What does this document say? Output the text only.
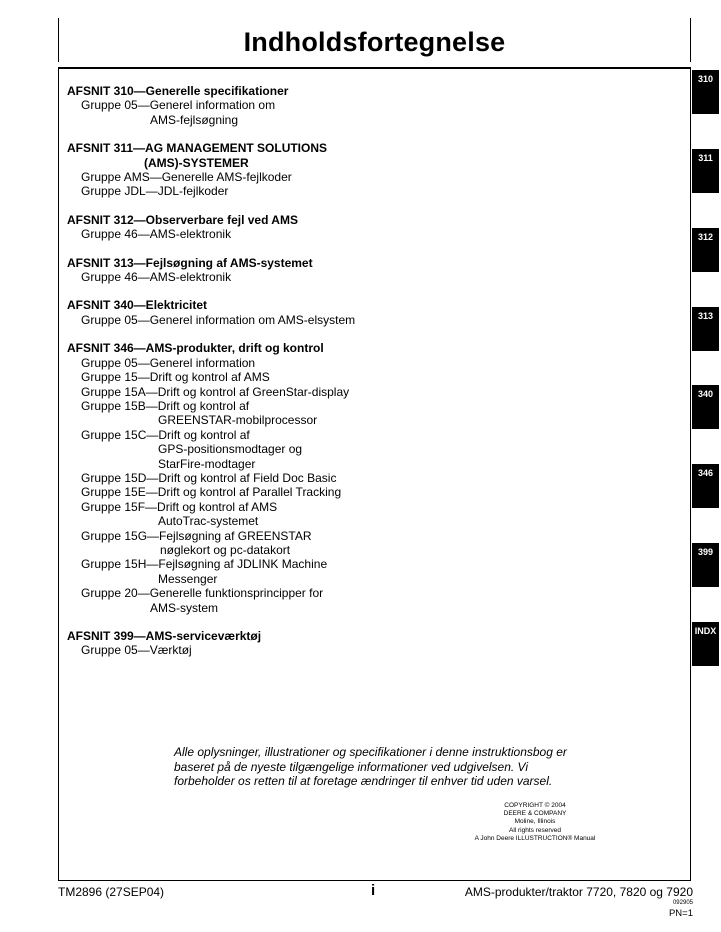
Indholdsfortegnelse
310
311
312
313
340
346
399
INDX
AFSNIT 310—Generelle specifikationer
Gruppe 05—Generel information om
AMS-fejlsøgning
AFSNIT 311—AG MANAGEMENT SOLUTIONS
(AMS)-SYSTEMER
Gruppe AMS—Generelle AMS-fejlkoder
Gruppe JDL—JDL-fejlkoder
AFSNIT 312—Observerbare fejl ved AMS
Gruppe 46—AMS-elektronik
AFSNIT 313—Fejlsøgning af AMS-systemet
Gruppe 46—AMS-elektronik
AFSNIT 340—Elektricitet
Gruppe 05—Generel information om AMS-elsystem
AFSNIT 346—AMS-produkter, drift og kontrol
Gruppe 05—Generel information
Gruppe 15—Drift og kontrol af AMS
Gruppe 15A—Drift og kontrol af GreenStar-display
Gruppe 15B—Drift og kontrol af
GREENSTAR-mobilprocessor
Gruppe 15C—Drift og kontrol af
GPS-positionsmodtager og
StarFire-modtager
Gruppe 15D—Drift og kontrol af Field Doc Basic
Gruppe 15E—Drift og kontrol af Parallel Tracking
Gruppe 15F—Drift og kontrol af AMS
AutoTrac-systemet
Gruppe 15G—Fejlsøgning af GREENSTAR
nøglekort og pc-datakort
Gruppe 15H—Fejlsøgning af JDLINK Machine
Messenger
Gruppe 20—Generelle funktionsprincipper for
AMS-system
AFSNIT 399—AMS-serviceværktøj
Gruppe 05—Værktøj
Alle oplysninger, illustrationer og specifikationer i denne instruktionsbog er
baseret på de nyeste tilgængelige informationer ved udgivelsen. Vi
forbeholder os retten til at foretage ændringer til enhver tid uden varsel.
COPYRIGHT © 2004
DEERE & COMPANY
Moline, Illinois
All rights reserved
A John Deere ILLUSTRUCTION® Manual
TM2896 (27SEP04)	i	AMS-produkter/traktor 7720, 7820 og 7920
092905
PN=1
